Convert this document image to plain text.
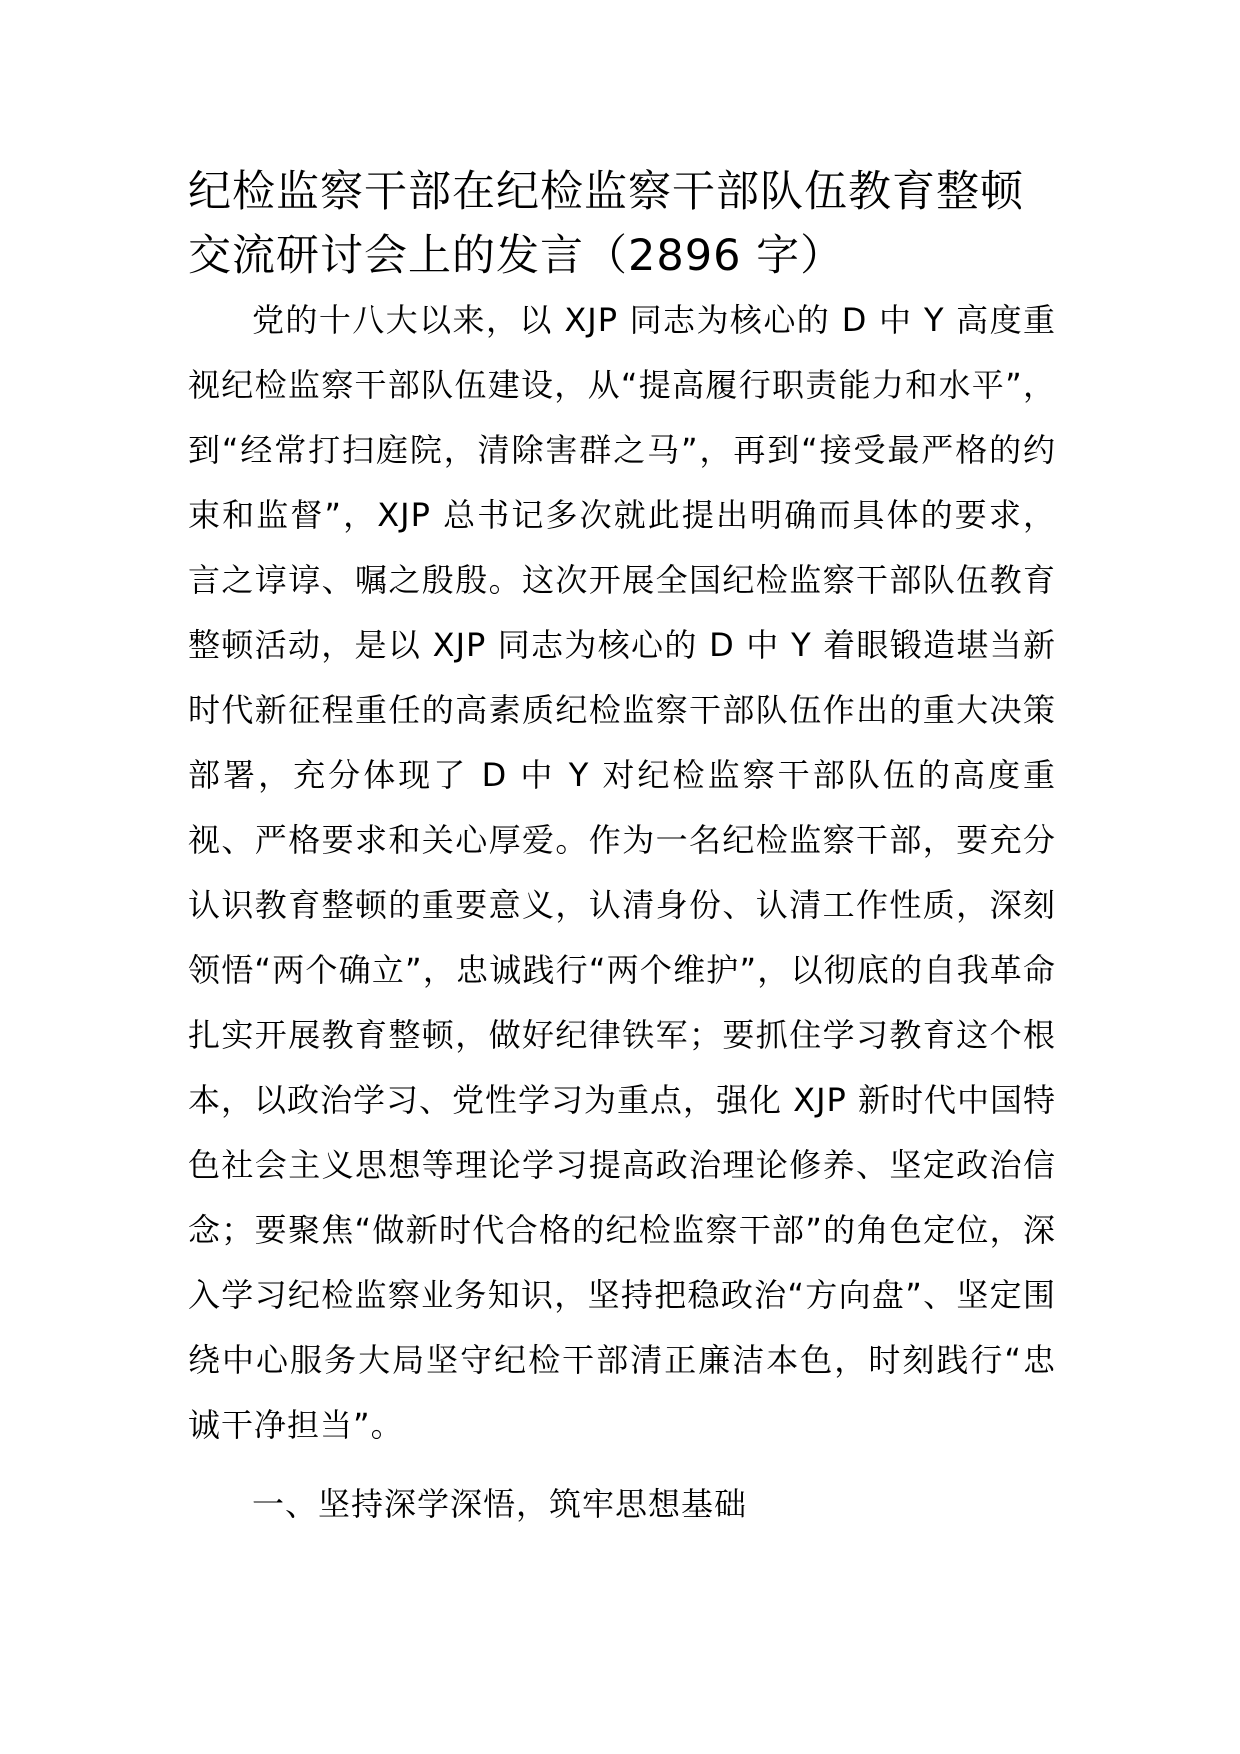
纪检监察干部在纪检监察干部队伍教育整顿交流研讨会上的发言（2896 字）

党的十八大以来，以 XJP 同志为核心的 D 中 Y 高度重视纪检监察干部队伍建设，从“提高履行职责能力和水平”，到“经常打扫庭院，清除害群之马”，再到“接受最严格的约束和监督”，XJP 总书记多次就此提出明确而具体的要求，言之谆谆、嘱之殷殷。这次开展全国纪检监察干部队伍教育整顿活动，是以 XJP 同志为核心的 D 中 Y 着眼锻造堪当新时代新征程重任的高素质纪检监察干部队伍作出的重大决策部署，充分体现了 D 中 Y 对纪检监察干部队伍的高度重视、严格要求和关心厚爱。作为一名纪检监察干部，要充分认识教育整顿的重要意义，认清身份、认清工作性质，深刻领悟“两个确立”，忠诚践行“两个维护”，以彻底的自我革命扎实开展教育整顿，做好纪律铁军；要抓住学习教育这个根本，以政治学习、党性学习为重点，强化 XJP 新时代中国特色社会主义思想等理论学习提高政治理论修养、坚定政治信念；要聚焦“做新时代合格的纪检监察干部”的角色定位，深入学习纪检监察业务知识，坚持把稳政治“方向盘”、坚定围绕中心服务大局坚守纪检干部清正廉洁本色，时刻践行“忠诚干净担当”。

一、坚持深学深悟，筑牢思想基础
